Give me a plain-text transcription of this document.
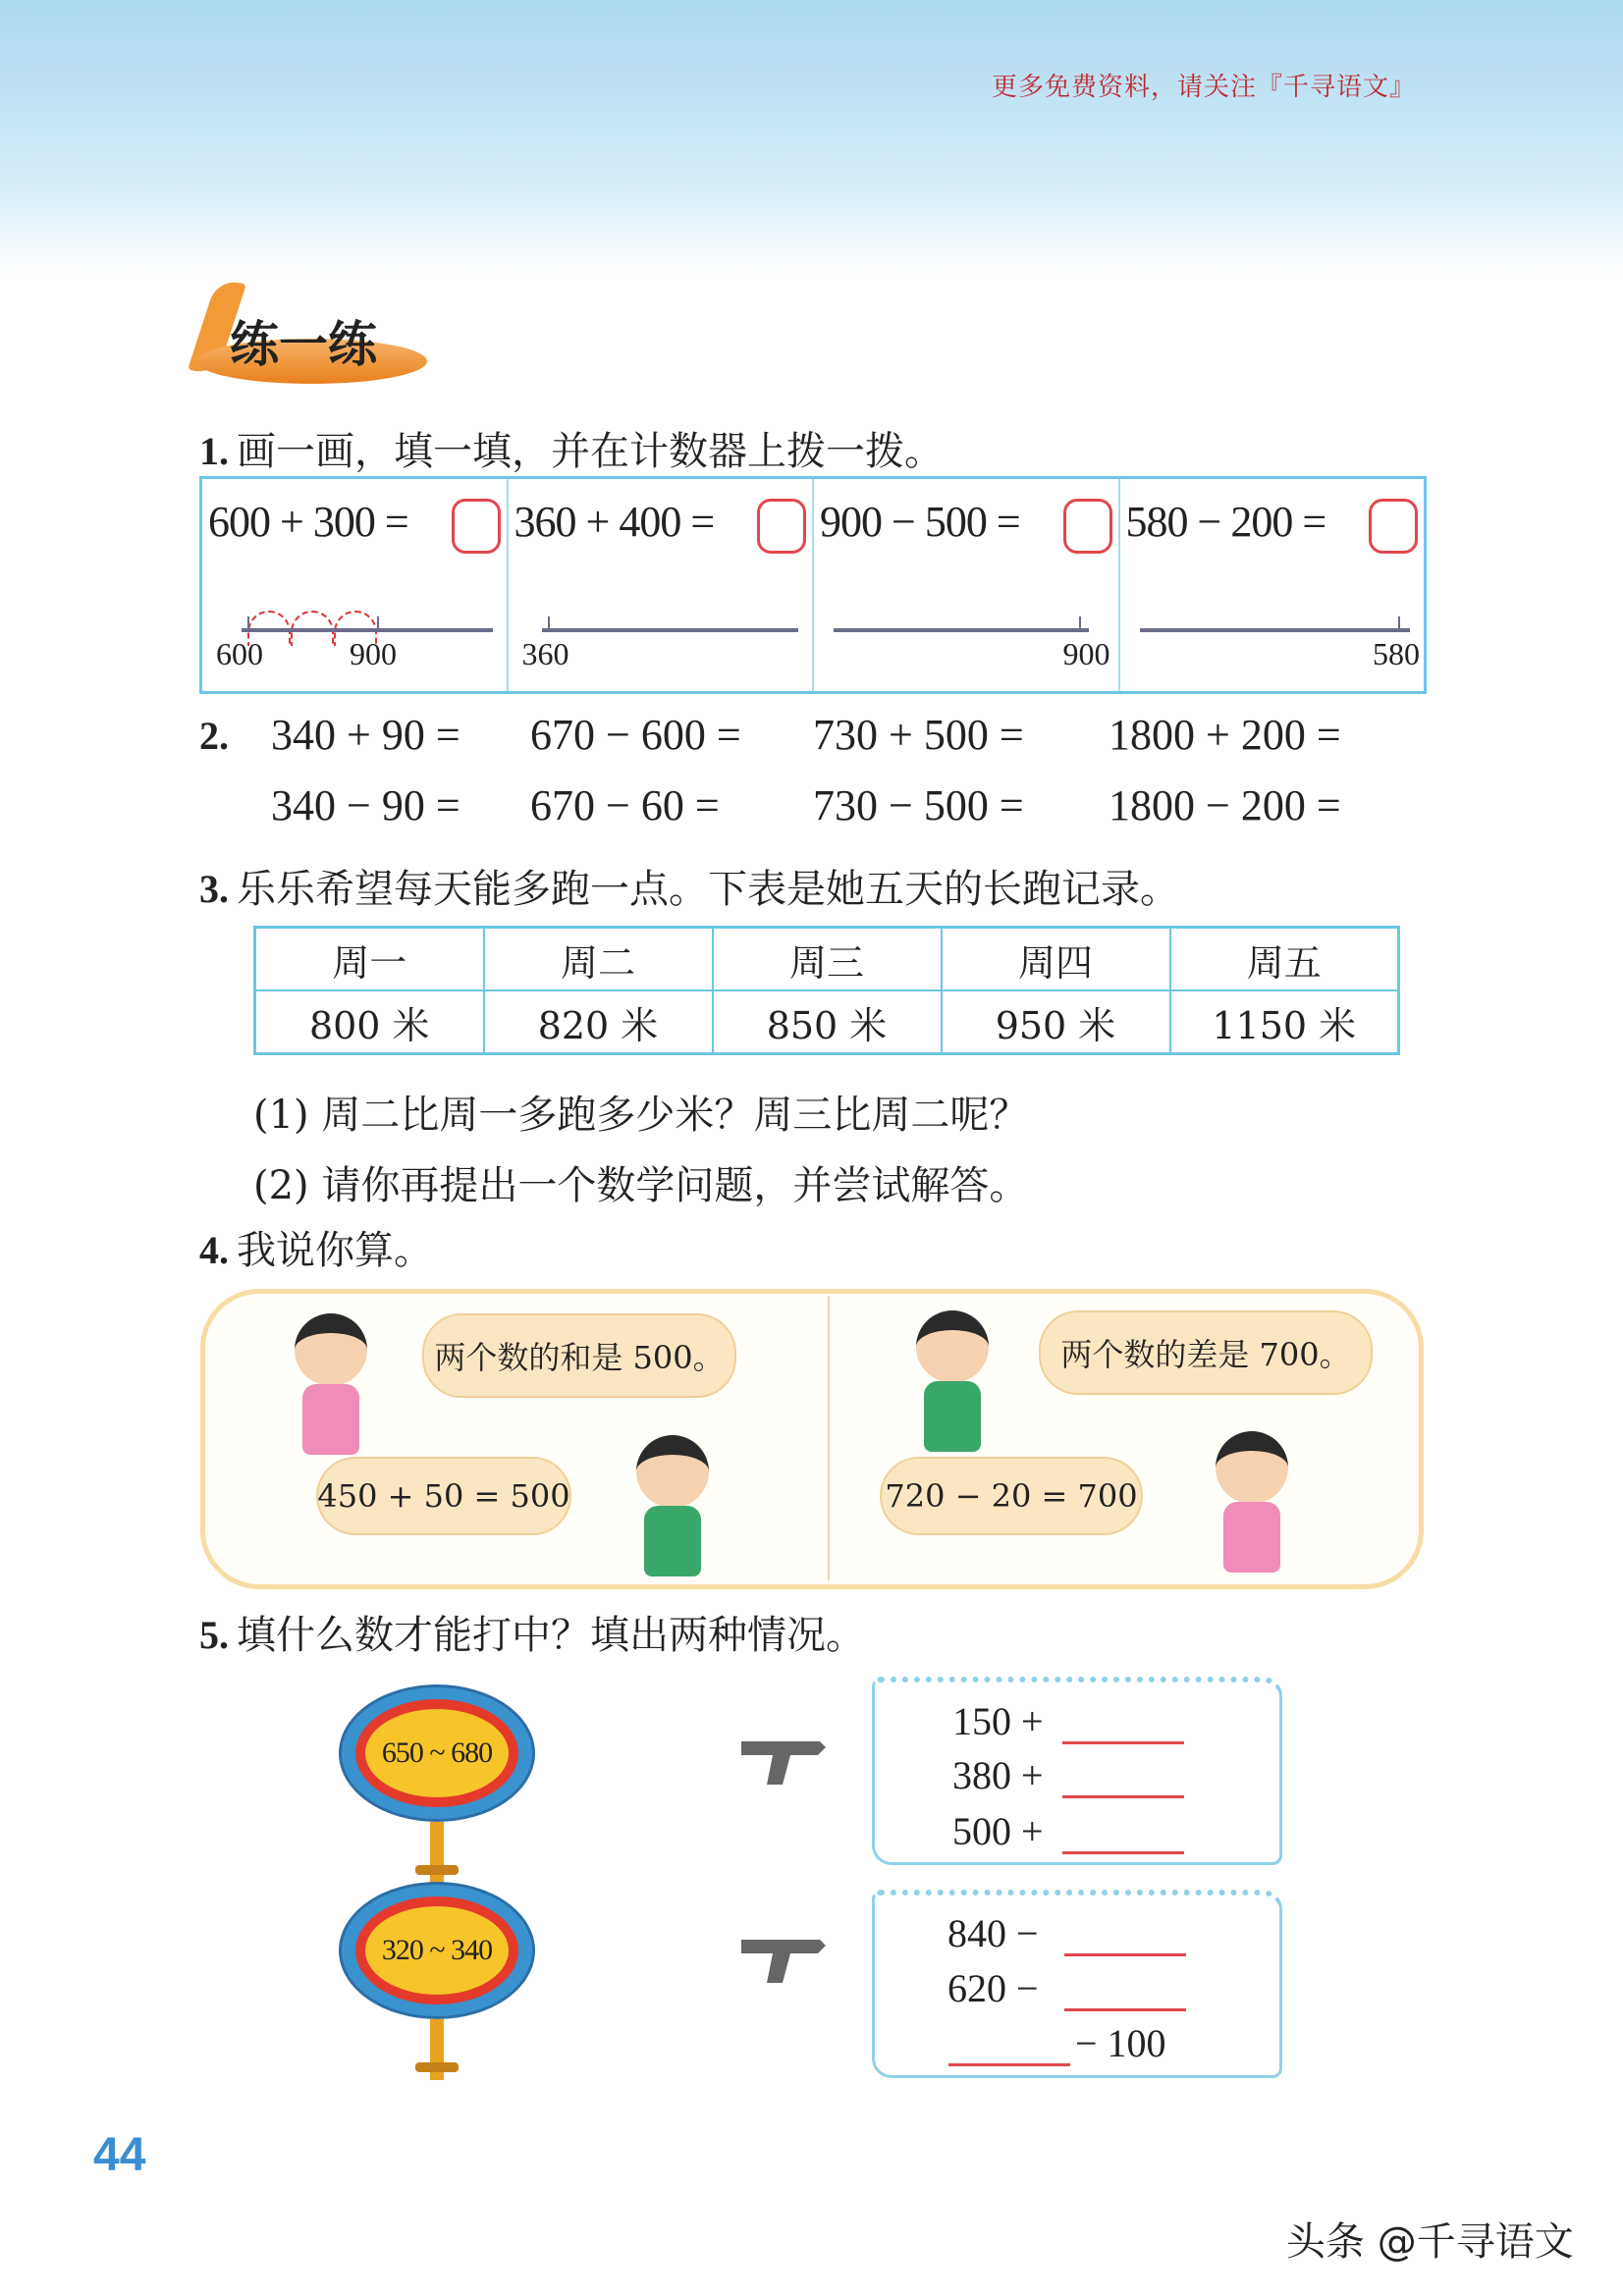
更多免费资料，请关注『千寻语文』
练一练
1. 画一画，填一填，并在计数器上拨一拨。
600 + 300 =
600	900
360 + 400 =
360
900 − 500 =
900
580 − 200 =
580
2. 340 + 90 = 670 − 600 = 730 + 500 = 1800 + 200 =
340 − 90 = 670 − 60 = 730 − 500 = 1800 − 200 =
3. 乐乐希望每天能多跑一点。下表是她五天的长跑记录。
周一	周二	周三	周四	周五
800 米	820 米	850 米	950 米	1150 米
(1) 周二比周一多跑多少米？周三比周二呢？
(2) 请你再提出一个数学问题，并尝试解答。
4. 我说你算。
两个数的和是 500。
450 + 50 = 500
两个数的差是 700。
720 − 20 = 700
5. 填什么数才能打中？填出两种情况。
650 ~ 680
320 ~ 340
150 +
380 +
500 +
840 −
620 −
− 100
44
头条 @千寻语文
